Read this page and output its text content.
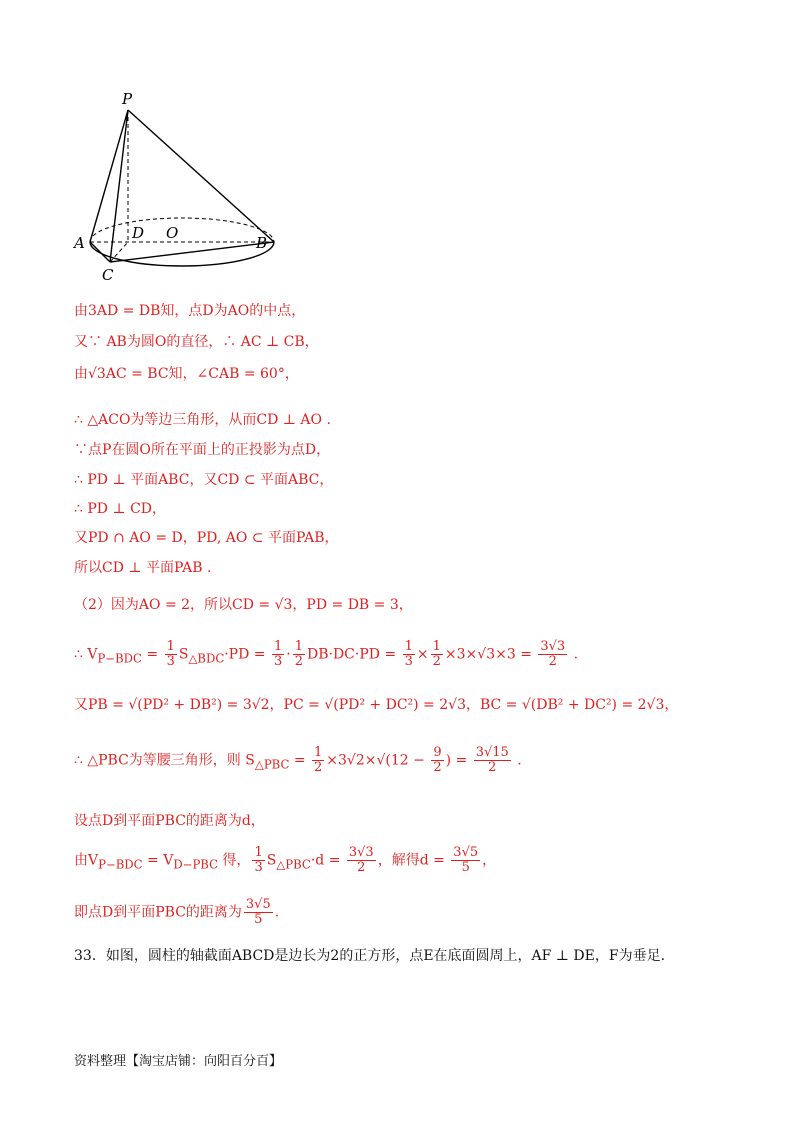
P
A	B
C
D O
由3AD = DB知，点D为AO的中点，
又∵ AB为圆O的直径，∴ AC ⊥ CB，
由√3AC = BC知，∠CAB = 60°，
∴ △ACO为等边三角形，从而CD ⊥ AO .
∵点P在圆O所在平面上的正投影为点D，
∴ PD ⊥ 平面ABC，又CD ⊂ 平面ABC，
∴ PD ⊥ CD，
又PD ∩ AO = D，PD, AO ⊂ 平面PAB，
所以CD ⊥ 平面PAB .
（2）因为AO = 2，所以CD = √3，PD = DB = 3，
∴ $V_{P-BDC} = \frac{1}{3} S_{\triangle BDC}\cdot PD = \frac{1}{3} \cdot \frac{1}{2} DB\cdot DC\cdot PD = \frac{1}{3} \times \frac{1}{2} \times 3\times√3\times 3 = \frac{3√3}{2}$ .
又PB = √(PD² + DB²) = 3√2，PC = √(PD² + DC²) = 2√3，BC = √(DB² + DC²) = 2√3，
∴ △PBC为等腰三角形，则 $S_{\triangle PBC} = \frac{1}{2} \times 3√2\times√(12 - \frac{9}{2}$ ) = $\frac{3√15}{2}$ .
设点D到平面PBC的距离为d，
由$V_{P-BDC} = V_{D-PBC}$ 得， $\frac{1}{3} S_{\triangle PBC}\cdot d = \frac{3√3}{2}$ ，解得$d = \frac{3√5}{5}$ ，
即点D到平面PBC的距离为 $\frac{3√5}{5}$ .
33．如图，圆柱的轴截面ABCD是边长为2的正方形，点E在底面圆周上，AF ⊥ DE，F为垂足.
资料整理【淘宝店铺：向阳百分百】
